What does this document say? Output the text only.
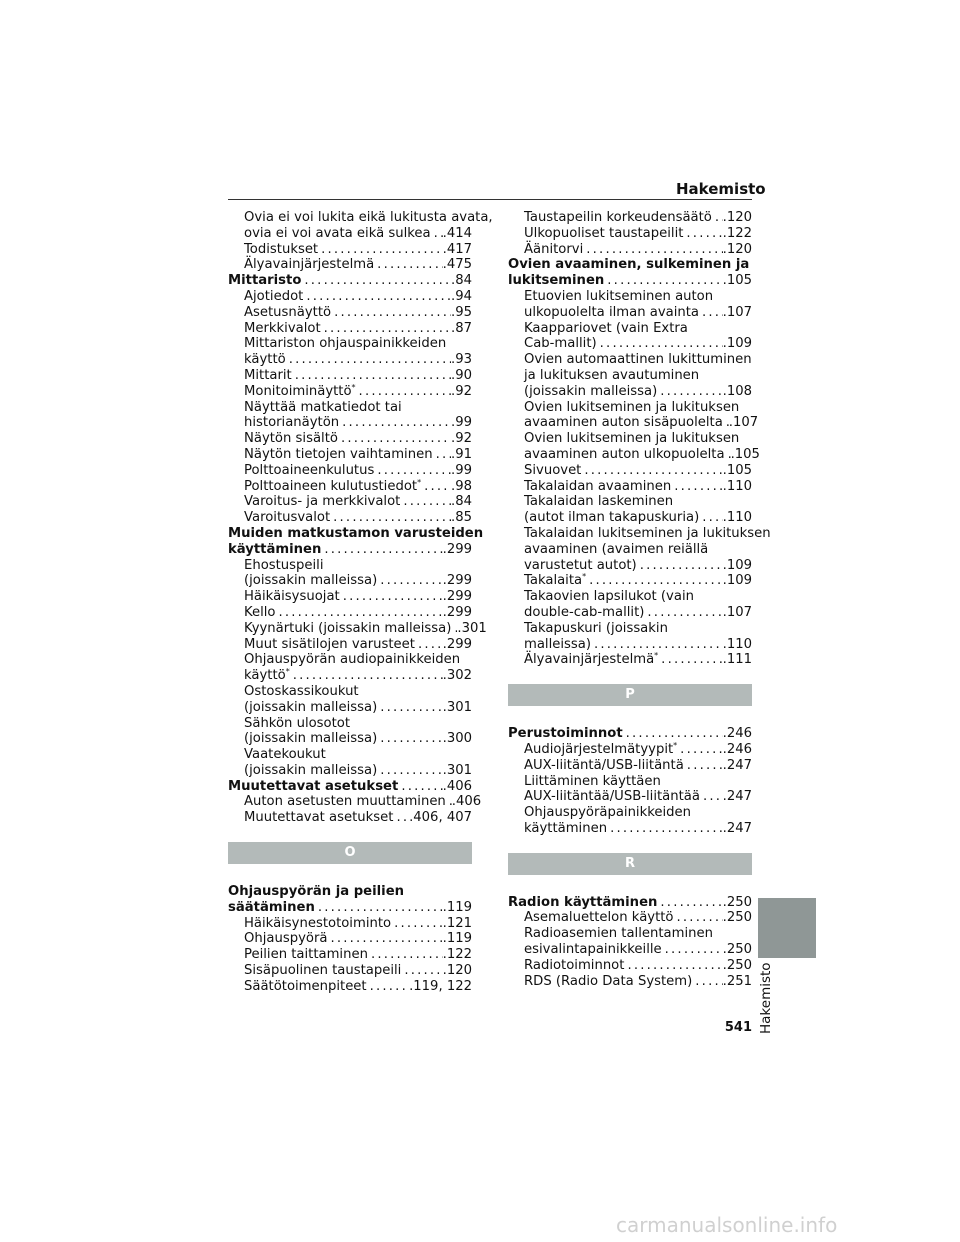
Hakemisto
Ovia ei voi lukita eikä lukitusta avata,
ovia ei voi avata eikä sulkea ..... .414
Todistukset .....	.417
Älyavainjärjestelmä .....	.475
Mittaristo .....	.84
Ajotiedot .....	.94
Asetusnäyttö .....	.95
Merkkivalot .....	.87
Mittariston ohjauspainikkeiden
käyttö .....	.93
Mittarit .....	.90
Monitoiminäyttö* .....	.92
Näyttää matkatiedot tai
historianäytön .....	.99
Näytön sisältö .....	.92
Näytön tietojen vaihtaminen ..... .91
Polttoaineenkulutus .....	.99
Polttoaineen kulutustiedot* ..... .98
Varoitus- ja merkkivalot .....	.84
Varoitusvalot .....	.85
Muiden matkustamon varusteiden
käyttäminen .....	.299
Ehostuspeili
(joissakin malleissa) .....	.299
Häikäisysuojat .....	.299
Kello .....	.299
Kyynärtuki (joissakin malleissa) ..... .301
Muut sisätilojen varusteet ..... .299
Ohjauspyörän audiopainikkeiden
käyttö* .....	.302
Ostoskassikoukut
(joissakin malleissa) .....	.301
Sähkön ulosotot
(joissakin malleissa) .....	.300
Vaatekoukut
(joissakin malleissa) .....	.301
Muutettavat asetukset .....	.406
Auton asetusten muuttaminen ..... .406
Muutettavat asetukset ..... .406, 407
O
Ohjauspyörän ja peilien
säätäminen .....	.119
Häikäisynestotoiminto .....	.121
Ohjauspyörä .....	.119
Peilien taittaminen .....	.122
Sisäpuolinen taustapeili .....	.120
Säätötoimenpiteet .....	.119, 122
Taustapeilin korkeudensäätö ..... .120
Ulkopuoliset taustapeilit .....	.122
Äänitorvi .....	.120
Ovien avaaminen, sulkeminen ja
lukitseminen .....	.105
Etuovien lukitseminen auton
ulkopuolelta ilman avainta ..... .107
Kaappariovet (vain Extra
Cab-mallit) .....	.109
Ovien automaattinen lukittuminen
ja lukituksen avautuminen
(joissakin malleissa) .....	.108
Ovien lukitseminen ja lukituksen
avaaminen auton sisäpuolelta ..... .107
Ovien lukitseminen ja lukituksen
avaaminen auton ulkopuolelta ..... .105
Sivuovet .....	.105
Takalaidan avaaminen .....	.110
Takalaidan laskeminen
(autot ilman takapuskuria) ..... .110
Takalaidan lukitseminen ja lukituksen
avaaminen (avaimen reiällä
varustetut autot) .....	.109
Takalaita* .....	.109
Takaovien lapsilukot (vain
double-cab-mallit) .....	.107
Takapuskuri (joissakin
malleissa) .....	.110
Älyavainjärjestelmä* .....	.111
P
Perustoiminnot .....	.246
Audiojärjestelmätyypit* .....	.246
AUX-liitäntä/USB-liitäntä .....	.247
Liittäminen käyttäen
AUX-liitäntää/USB-liitäntää ..... .247
Ohjauspyöräpainikkeiden
käyttäminen .....	.247
R
Radion käyttäminen .....	.250
Asemaluettelon käyttö .....	.250
Radioasemien tallentaminen
esivalintapainikkeille .....	.250
Radiotoiminnot .....	.250
RDS (Radio Data System) ..... .251 Hakemisto
541
carmanualsonline.info
